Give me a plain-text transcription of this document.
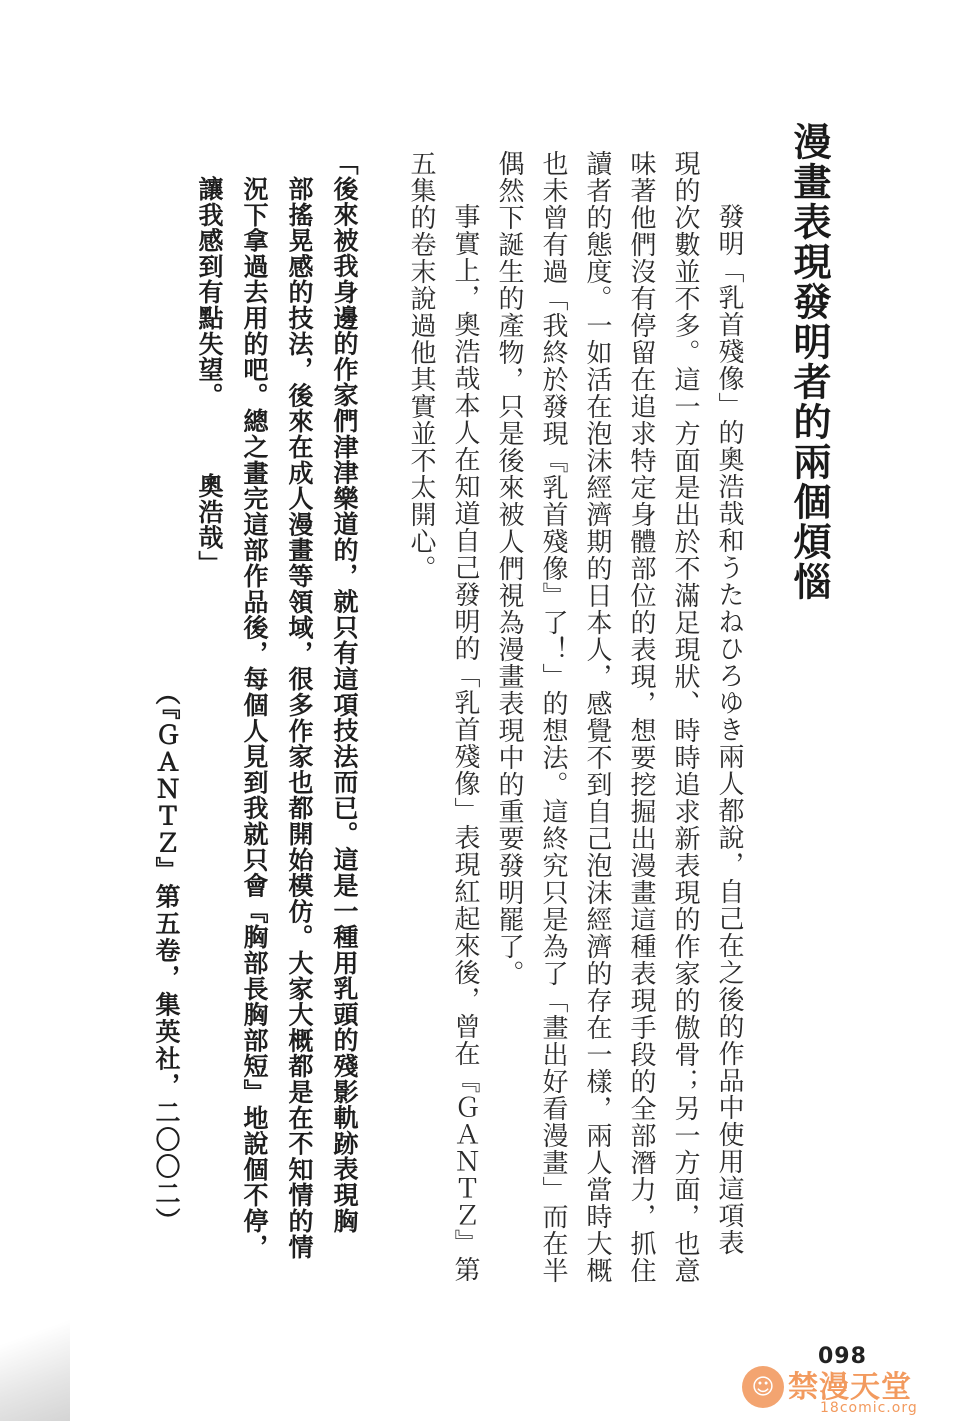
漫畫表現發明者的兩個煩惱
　發明「乳首殘像」的奧浩哉和うたねひろゆき兩人都說，自己在之後的作品中使用這項表
現的次數並不多。這一方面是出於不滿足現狀、時時追求新表現的作家的傲骨；另一方面，也意
味著他們沒有停留在追求特定身體部位的表現，想要挖掘出漫畫這種表現手段的全部潛力，抓住
讀者的態度。一如活在泡沫經濟期的日本人，感覺不到自己泡沫經濟的存在一樣，兩人當時大概
也未曾有過「我終於發現『乳首殘像』了！」的想法。這終究只是為了「畫出好看漫畫」而在半
偶然下誕生的產物，只是後來被人們視為漫畫表現中的重要發明罷了。
　事實上，奧浩哉本人在知道自己發明的「乳首殘像」表現紅起來後，曾在『ＧＡＮＴＺ』第
五集的卷末說過他其實並不太開心。
「後來被我身邊的作家們津津樂道的，就只有這項技法而已。這是一種用乳頭的殘影軌跡表現胸
部搖晃感的技法，後來在成人漫畫等領域，很多作家也都開始模仿。大家大概都是在不知情的情
況下拿過去用的吧。總之畫完這部作品後，每個人見到我就只會『胸部長胸部短』地說個不停，
讓我感到有點失望。　　　奧浩哉」
（『ＧＡＮＴＺ』第五卷，集英社，二〇〇二）
098
☺ 禁漫天堂
18comic.org
